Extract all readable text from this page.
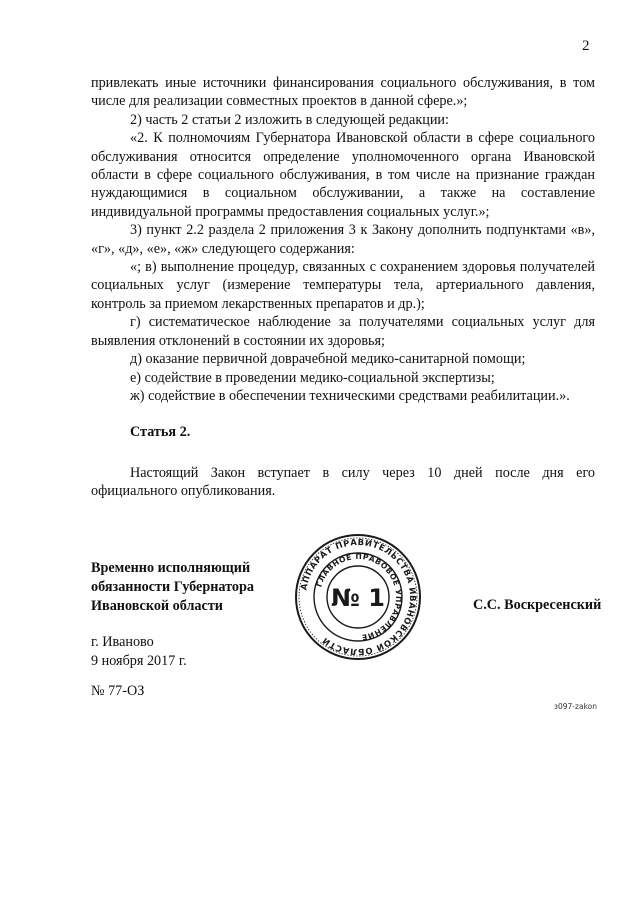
2

привлекать иные источники финансирования социального обслуживания, в том числе для реализации совместных проектов в данной сфере.»;

2) часть 2 статьи 2 изложить в следующей редакции:

«2. К полномочиям Губернатора Ивановской области в сфере социального обслуживания относится определение уполномоченного органа Ивановской области в сфере социального обслуживания, в том числе на признание граждан нуждающимися в социальном обслуживании, а также на составление индивидуальной программы предоставления социальных услуг.»;

3) пункт 2.2 раздела 2 приложения 3 к Закону дополнить подпунктами «в», «г», «д», «е», «ж» следующего содержания:

«; в) выполнение процедур, связанных с сохранением здоровья получателей социальных услуг (измерение температуры тела, артериального давления, контроль за приемом лекарственных препаратов и др.);

г) систематическое наблюдение за получателями социальных услуг для выявления отклонений в состоянии их здоровья;

д) оказание первичной доврачебной медико-санитарной помощи;

е) содействие в проведении медико-социальной экспертизы;

ж) содействие в обеспечении техническими средствами реабилитации.».

Статья 2.

Настоящий Закон вступает в силу через 10 дней после дня его официального опубликования.

Временно исполняющий
обязанности Губернатора
Ивановской области	С.С. Воскресенский
г. Иваново
9 ноября 2017 г.
№ 77-ОЗ
з097-zakon
АППАРАТ ПРАВИТЕЛЬСТВА ИВАНОВСКОЙ ОБЛАСТИ
ГЛАВНОЕ ПРАВОВОЕ УПРАВЛЕНИЕ
№ 1
